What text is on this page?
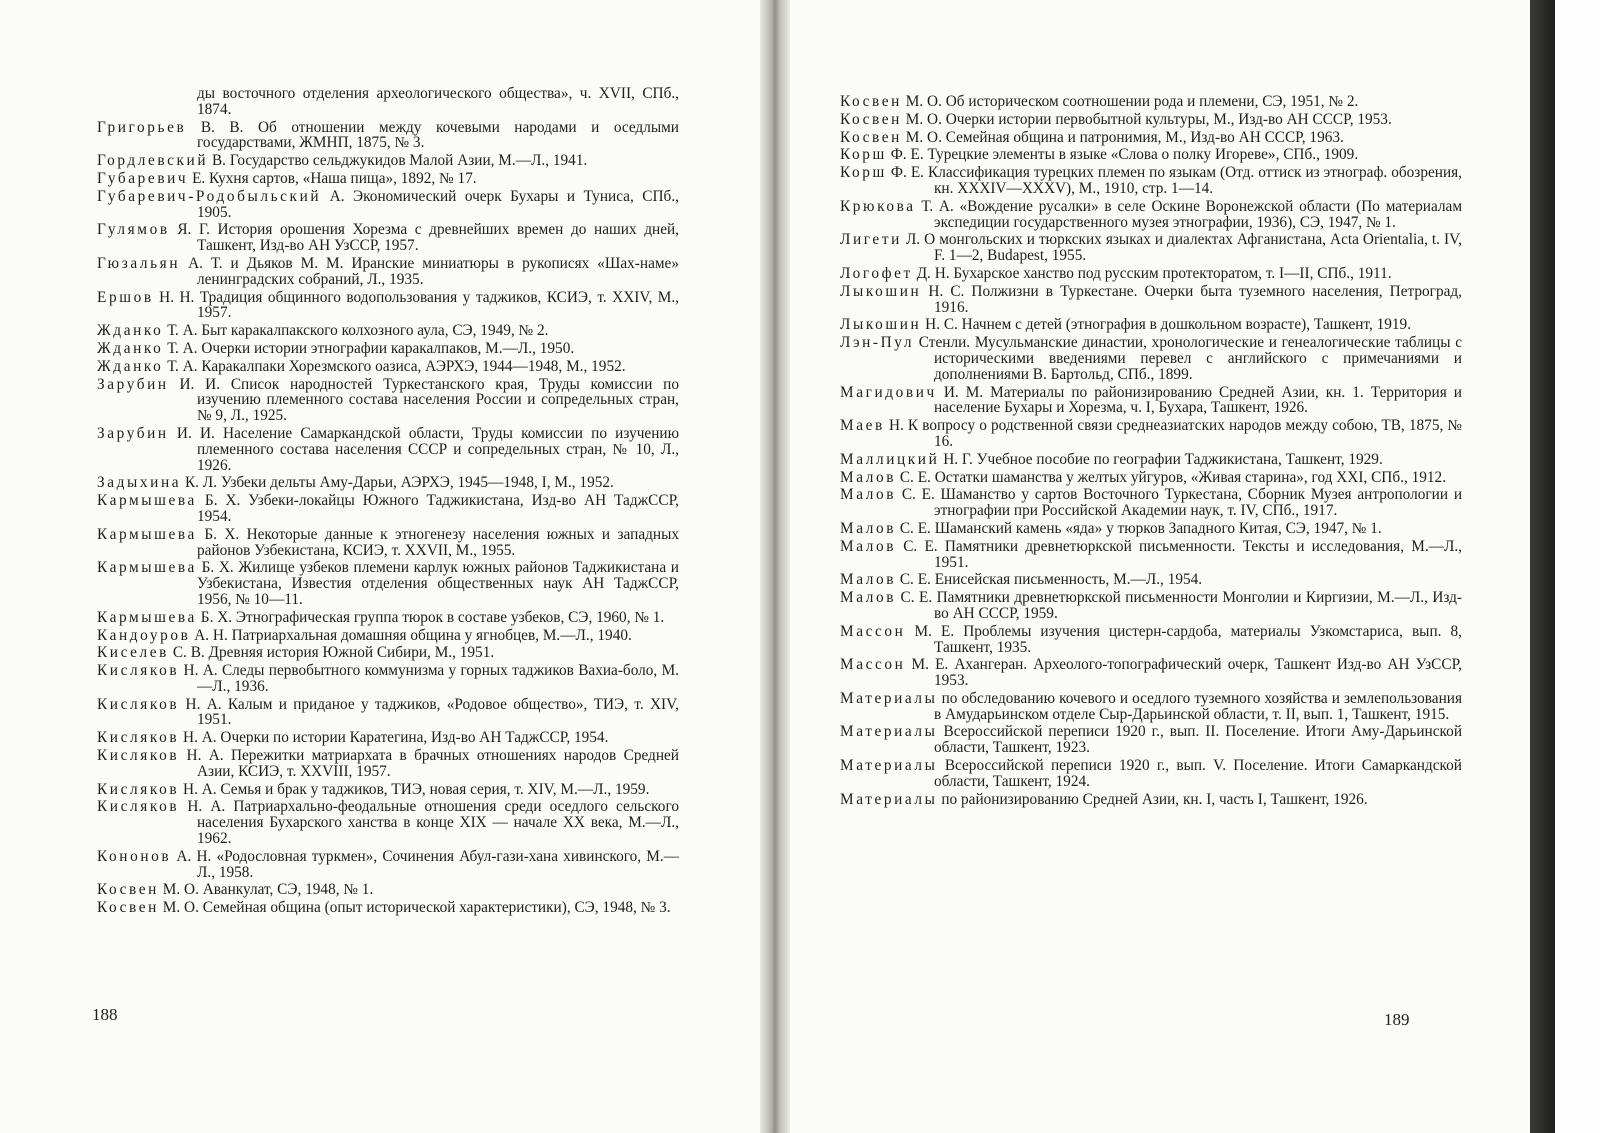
ды восточного отделения археологического общества», ч. XVII, СПб., 1874.

Григорьев В. В. Об отношении между кочевыми народами и оседлыми государствами, ЖМНП, 1875, № 3.

Гордлевский В. Государство сельджукидов Малой Азии, М.—Л., 1941.

Губаревич Е. Кухня сартов, «Наша пища», 1892, № 17.

Губаревич-Родобыльский А. Экономический очерк Бухары и Туниса, СПб., 1905.

Гулямов Я. Г. История орошения Хорезма с древнейших времен до наших дней, Ташкент, Изд-во АН УзССР, 1957.

Гюзальян А. Т. и Дьяков М. М. Иранские миниатюры в рукописях «Шах-наме» ленинградских собраний, Л., 1935.

Ершов Н. Н. Традиция общинного водопользования у таджиков, КСИЭ, т. XXIV, М., 1957.

Жданко Т. А. Быт каракалпакского колхозного аула, СЭ, 1949, № 2.

Жданко Т. А. Очерки истории этнографии каракалпаков, М.—Л., 1950.

Жданко Т. А. Каракалпаки Хорезмского оазиса, АЭРХЭ, 1944—1948, М., 1952.

Зарубин И. И. Список народностей Туркестанского края, Труды комиссии по изучению племенного состава населения России и сопредельных стран, № 9, Л., 1925.

Зарубин И. И. Население Самаркандской области, Труды комиссии по изучению племенного состава населения СССР и сопредельных стран, № 10, Л., 1926.

Задыхина К. Л. Узбеки дельты Аму-Дарьи, АЭРХЭ, 1945—1948, I, М., 1952.

Кармышева Б. Х. Узбеки-локайцы Южного Таджикистана, Изд-во АН ТаджССР, 1954.

Кармышева Б. Х. Некоторые данные к этногенезу населения южных и западных районов Узбекистана, КСИЭ, т. XXVII, М., 1955.

Кармышева Б. Х. Жилище узбеков племени карлук южных районов Таджикистана и Узбекистана, Известия отделения общественных наук АН ТаджССР, 1956, № 10—11.

Кармышева Б. Х. Этнографическая группа тюрок в составе узбеков, СЭ, 1960, № 1.

Кандоуров А. Н. Патриархальная домашняя община у ягнобцев, М.—Л., 1940.

Киселев С. В. Древняя история Южной Сибири, М., 1951.

Кисляков Н. А. Следы первобытного коммунизма у горных таджиков Вахиа-боло, М.—Л., 1936.

Кисляков Н. А. Калым и приданое у таджиков, «Родовое общество», ТИЭ, т. XIV, 1951.

Кисляков Н. А. Очерки по истории Каратегина, Изд-во АН ТаджССР, 1954.

Кисляков Н. А. Пережитки матриархата в брачных отношениях народов Средней Азии, КСИЭ, т. XXVIII, 1957.

Кисляков Н. А. Семья и брак у таджиков, ТИЭ, новая серия, т. XIV, М.—Л., 1959.

Кисляков Н. А. Патриархально-феодальные отношения среди оседлого сельского населения Бухарского ханства в конце XIX — начале XX века, М.—Л., 1962.

Кононов А. Н. «Родословная туркмен», Сочинения Абул-гази-хана хивинского, М.—Л., 1958.

Косвен М. О. Аванкулат, СЭ, 1948, № 1.

Косвен М. О. Семейная община (опыт исторической характеристики), СЭ, 1948, № 3.

188

Косвен М. О. Об историческом соотношении рода и племени, СЭ, 1951, № 2.

Косвен М. О. Очерки истории первобытной культуры, М., Изд-во АН СССР, 1953.

Косвен М. О. Семейная община и патронимия, М., Изд-во АН СССР, 1963.

Корш Ф. Е. Турецкие элементы в языке «Слова о полку Игореве», СПб., 1909.

Корш Ф. Е. Классификация турецких племен по языкам (Отд. оттиск из этнограф. обозрения, кн. XXXIV—XXXV), М., 1910, стр. 1—14.

Крюкова Т. А. «Вождение русалки» в селе Оскине Воронежской области (По материалам экспедиции государственного музея этнографии, 1936), СЭ, 1947, № 1.

Лигети Л. О монгольских и тюркских языках и диалектах Афганистана, Acta Orientalia, t. IV, F. 1—2, Budapest, 1955.

Логофет Д. Н. Бухарское ханство под русским протекторатом, т. I—II, СПб., 1911.

Лыкошин Н. С. Полжизни в Туркестане. Очерки быта туземного населения, Петроград, 1916.

Лыкошин Н. С. Начнем с детей (этнография в дошкольном возрасте), Ташкент, 1919.

Лэн-Пул Стенли. Мусульманские династии, хронологические и генеалогические таблицы с историческими введениями перевел с английского с примечаниями и дополнениями В. Бартольд, СПб., 1899.

Магидович И. М. Материалы по районизированию Средней Азии, кн. 1. Территория и население Бухары и Хорезма, ч. I, Бухара, Ташкент, 1926.

Маев Н. К вопросу о родственной связи среднеазиатских народов между собою, ТВ, 1875, № 16.

Маллицкий Н. Г. Учебное пособие по географии Таджикистана, Ташкент, 1929.

Малов С. Е. Остатки шаманства у желтых уйгуров, «Живая старина», год XXI, СПб., 1912.

Малов С. Е. Шаманство у сартов Восточного Туркестана, Сборник Музея антропологии и этнографии при Российской Академии наук, т. IV, СПб., 1917.

Малов С. Е. Шаманский камень «яда» у тюрков Западного Китая, СЭ, 1947, № 1.

Малов С. Е. Памятники древнетюркской письменности. Тексты и исследования, М.—Л., 1951.

Малов С. Е. Енисейская письменность, М.—Л., 1954.

Малов С. Е. Памятники древнетюркской письменности Монголии и Киргизии, М.—Л., Изд-во АН СССР, 1959.

Массон М. Е. Проблемы изучения цистерн-сардоба, материалы Узкомстариса, вып. 8, Ташкент, 1935.

Массон М. Е. Ахангеран. Археолого-топографический очерк, Ташкент Изд-во АН УзССР, 1953.

Материалы по обследованию кочевого и оседлого туземного хозяйства и землепользования в Амударьинском отделе Сыр-Дарьинской области, т. II, вып. 1, Ташкент, 1915.

Материалы Всероссийской переписи 1920 г., вып. II. Поселение. Итоги Аму-Дарьинской области, Ташкент, 1923.

Материалы Всероссийской переписи 1920 г., вып. V. Поселение. Итоги Самаркандской области, Ташкент, 1924.

Материалы по районизированию Средней Азии, кн. I, часть I, Ташкент, 1926.

189
